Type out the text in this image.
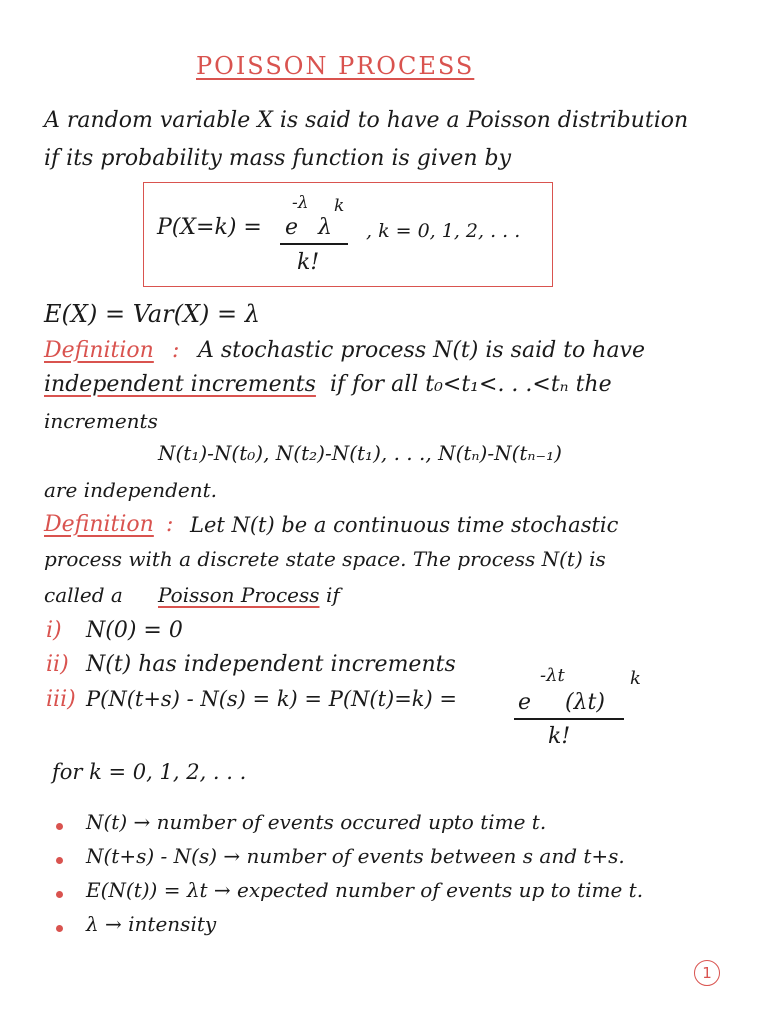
POISSON PROCESS
A random variable X is said to have a Poisson distribution
if its probability mass function is given by
P(X=k) = e
-λ
λ
k
k!
, k = 0, 1, 2, . . .
E(X) = Var(X) = λ
Definition : A stochastic process N(t) is said to have
independent increments if for all t₀<t₁<. . .<tₙ the
increments
N(t₁)-N(t₀), N(t₂)-N(t₁), . . ., N(tₙ)-N(tₙ₋₁)
are independent.
Definition : Let N(t) be a continuous time stochastic
process with a discrete state space. The process N(t) is
called a Poisson Process if
i) N(0) = 0
ii) N(t) has independent increments
iii) P(N(t+s) - N(s) = k) = P(N(t)=k) =	e
-λt
(λt)
k
k!
for k = 0, 1, 2, . . .
N(t) → number of events occured upto time t.
N(t+s) - N(s) → number of events between s and t+s.
E(N(t)) = λt → expected number of events up to time t.
λ → intensity
1
